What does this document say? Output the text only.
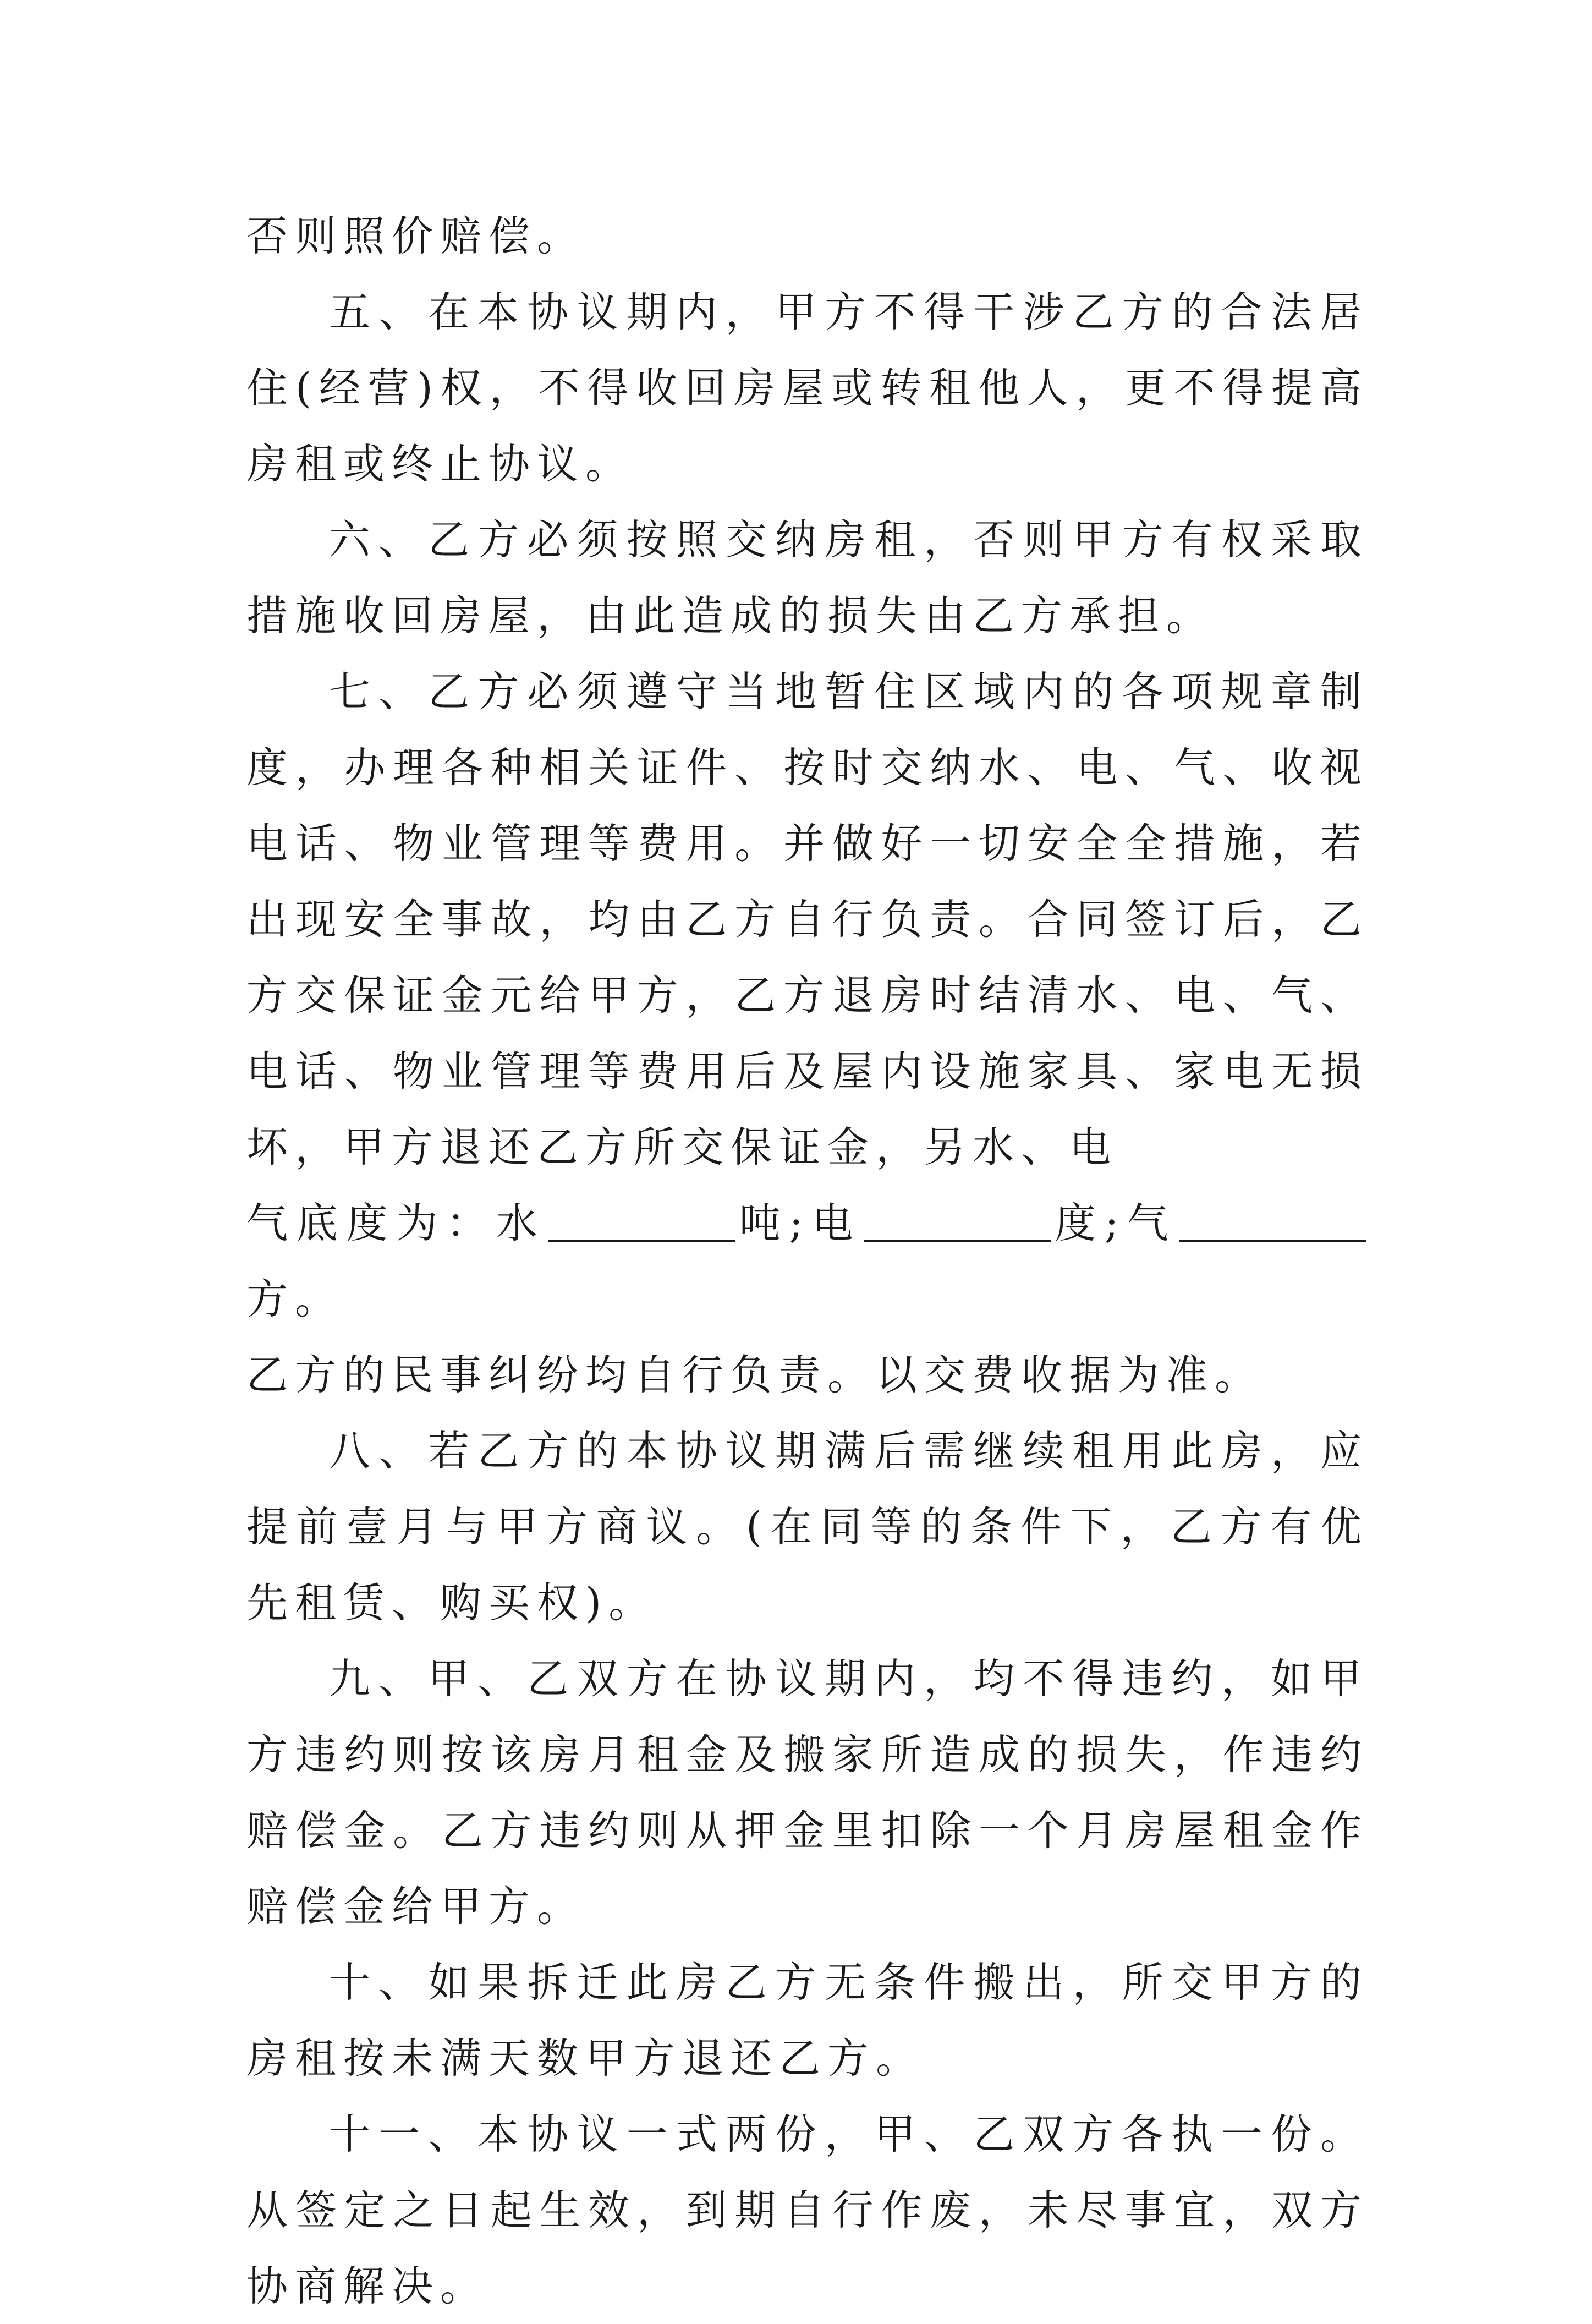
否则照价赔偿。

五、在本协议期内，甲方不得干涉乙方的合法居住(经营)权，不得收回房屋或转租他人，更不得提高房租或终止协议。

六、乙方必须按照交纳房租，否则甲方有权采取措施收回房屋，由此造成的损失由乙方承担。

七、乙方必须遵守当地暂住区域内的各项规章制度，办理各种相关证件、按时交纳水、电、气、收视电话、物业管理等费用。并做好一切安全全措施，若出现安全事故，均由乙方自行负责。合同签订后，乙方交保证金元给甲方，乙方退房时结清水、电、气、电话、物业管理等费用后及屋内设施家具、家电无损坏，甲方退还乙方所交保证金，另水、电

气底度为：水	吨;电	度;气方。

乙方的民事纠纷均自行负责。以交费收据为准。

八、若乙方的本协议期满后需继续租用此房，应提前壹月与甲方商议。(在同等的条件下，乙方有优先租赁、购买权)。

九、甲、乙双方在协议期内，均不得违约，如甲方违约则按该房月租金及搬家所造成的损失，作违约赔偿金。乙方违约则从押金里扣除一个月房屋租金作赔偿金给甲方。

十、如果拆迁此房乙方无条件搬出，所交甲方的房租按未满天数甲方退还乙方。

十一、本协议一式两份，甲、乙双方各执一份。从签定之日起生效，到期自行作废，未尽事宜，双方协商解决。
